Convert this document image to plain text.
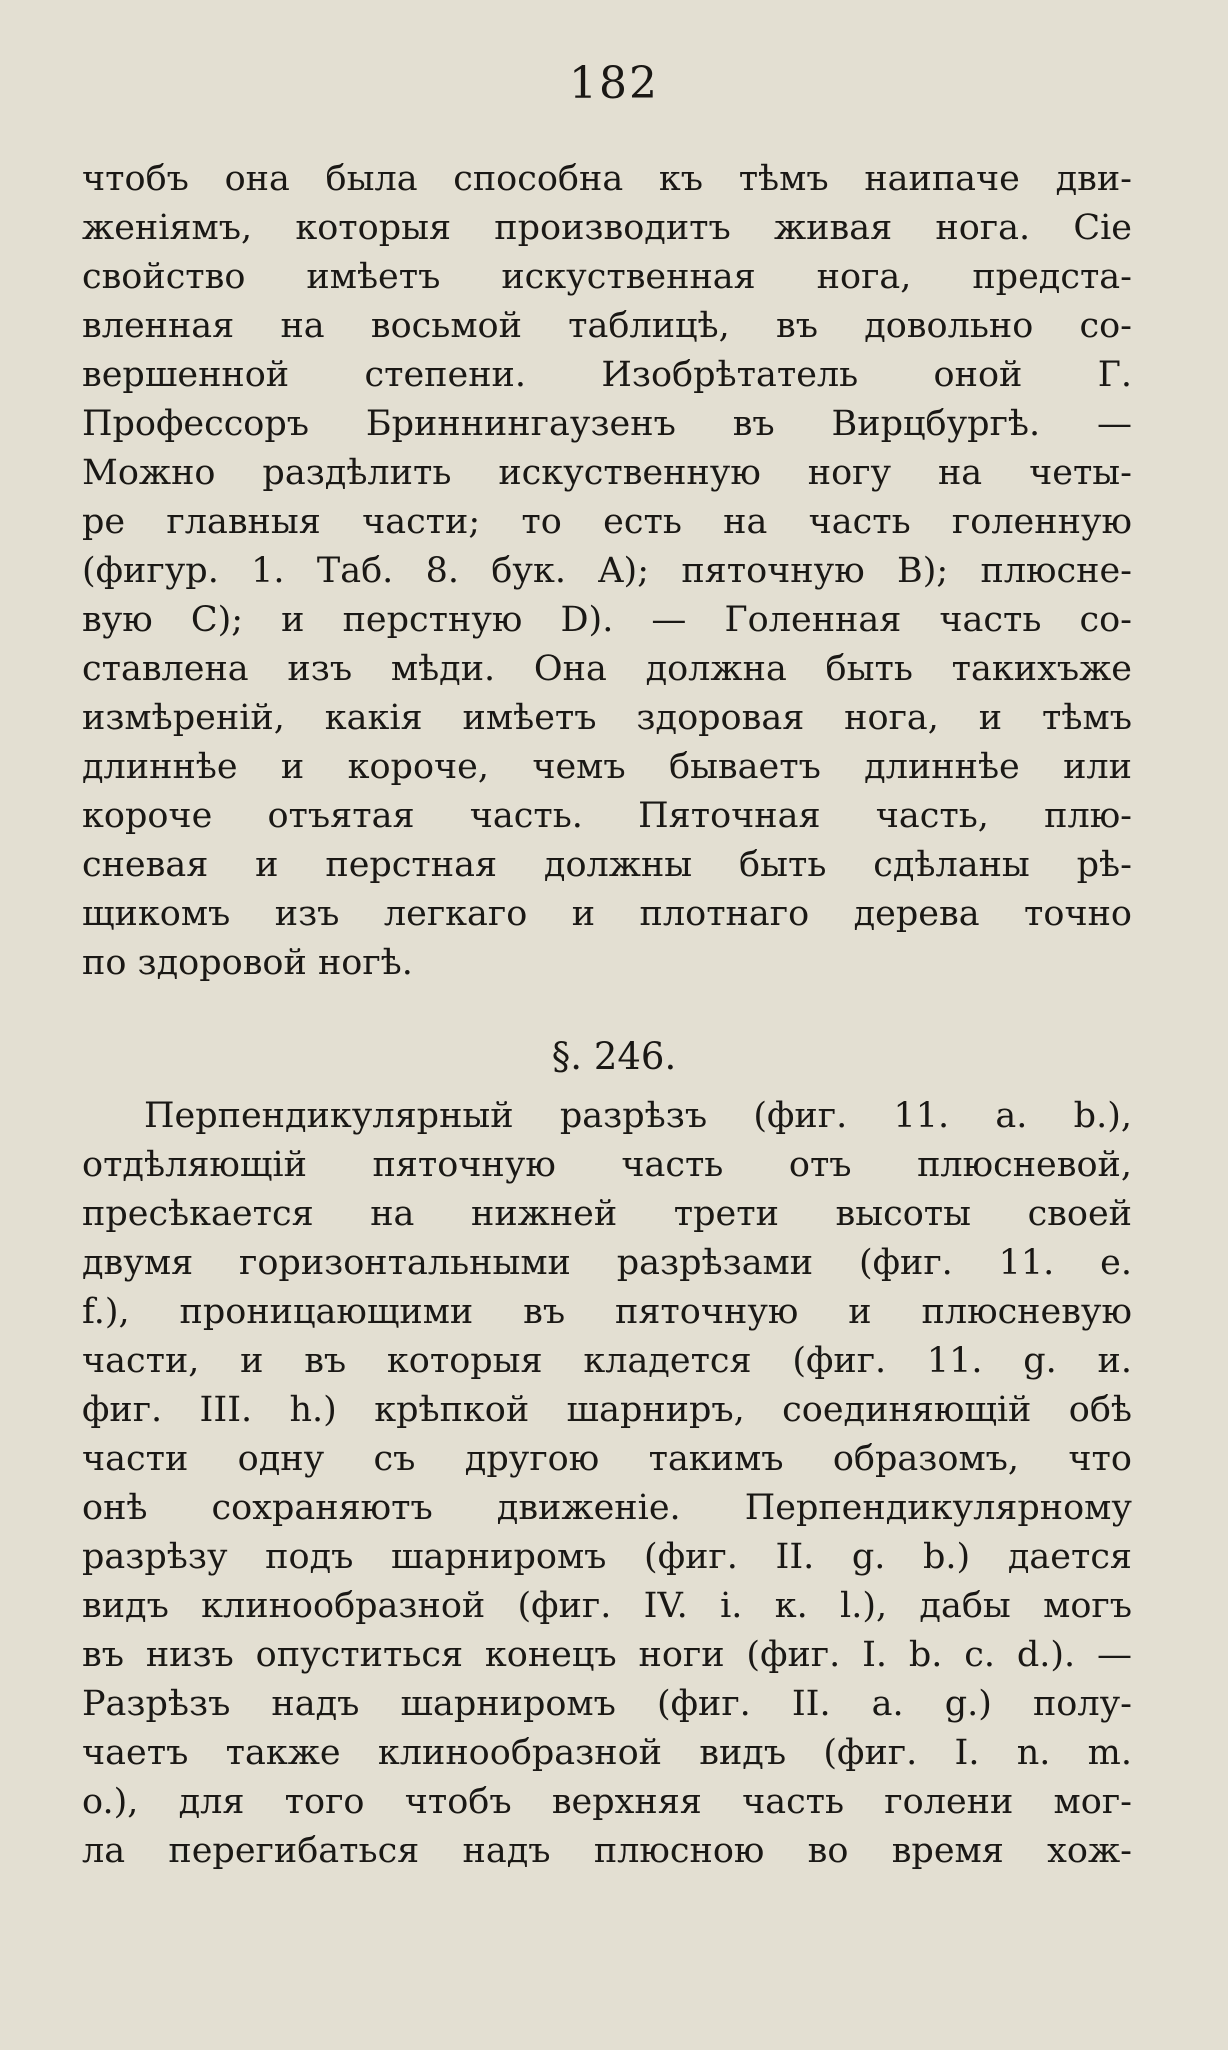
182
чтобъ она была способна къ тѣмъ наипаче дви-
женіямъ, которыя производитъ живая нога. Сіе
свойство имѣетъ искуственная нога, предста-
вленная на восьмой таблицѣ, въ довольно со-
вершенной степени. Изобрѣтатель оной Г.
Профессоръ Бриннингаузенъ въ Вирцбургѣ. —
Можно раздѣлить искуственную ногу на четы-
ре главныя части; то есть на часть голенную
(фигур. 1. Таб. 8. бук. A); пяточную B); плюсне-
вую C); и перстную D). — Голенная часть со-
ставлена изъ мѣди. Она должна быть такихъже
измѣреній, какія имѣетъ здоровая нога, и тѣмъ
длиннѣе и короче, чемъ бываетъ длиннѣе или
короче отъятая часть. Пяточная часть, плю-
сневая и перстная должны быть сдѣланы рѣ-
щикомъ изъ легкаго и плотнаго дерева точно
по здоровой ногѣ.
§. 246.
Перпендикулярный разрѣзъ (фиг. 11. a. b.),
отдѣляющій пяточную часть отъ плюсневой,
пресѣкается на нижней трети высоты своей
двумя горизонтальными разрѣзами (фиг. 11. e.
f.), проницающими въ пяточную и плюсневую
части, и въ которыя кладется (фиг. 11. g. и.
фиг. III. h.) крѣпкой шарниръ, соединяющій обѣ
части одну съ другою такимъ образомъ, что
онѣ сохраняютъ движеніе. Перпендикулярному
разрѣзу подъ шарниромъ (фиг. II. g. b.) дается
видъ клинообразной (фиг. IV. i. к. l.), дабы могъ
въ низъ опуститься конецъ ноги (фиг. I. b. c. d.). —
Разрѣзъ надъ шарниромъ (фиг. II. a. g.) полу-
чаетъ также клинообразной видъ (фиг. I. n. m.
o.), для того чтобъ верхняя часть голени мог-
ла перегибаться надъ плюсною во время хож-
